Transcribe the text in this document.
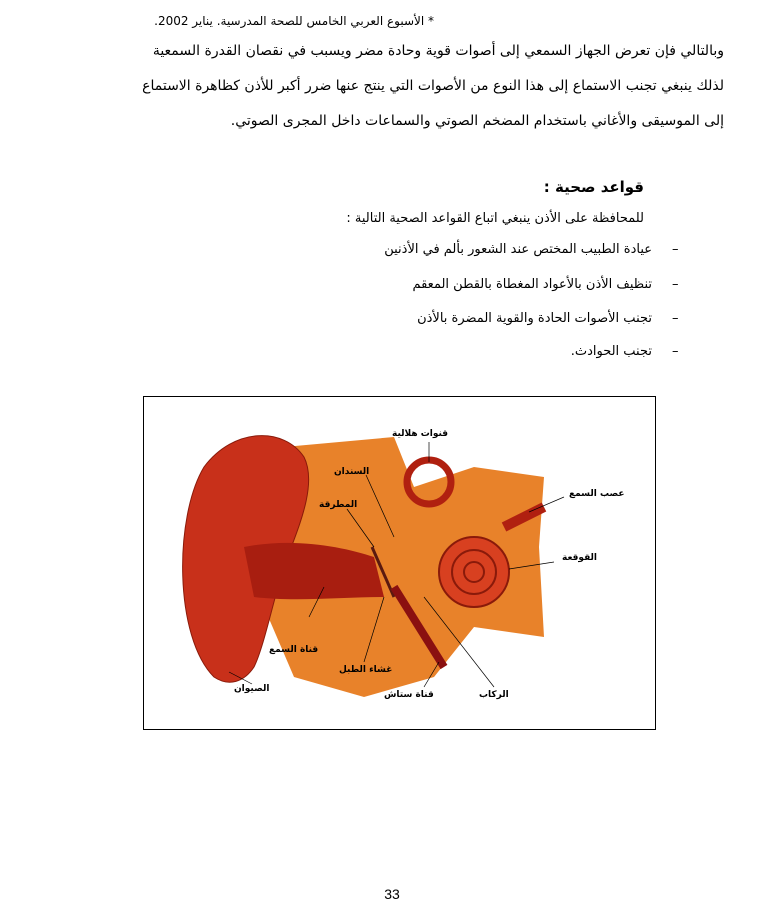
* الأسبوع العربي الخامس للصحة المدرسية. يناير 2002.
وبالتالي فإن تعرض الجهاز السمعي إلى أصوات قوية وحادة مضر ويسبب في نقصان القدرة السمعية
لذلك ينبغي تجنب الاستماع إلى هذا النوع من الأصوات التي ينتج عنها ضرر أكبر للأذن كظاهرة الاستماع
إلى الموسيقى والأغاني باستخدام المضخم الصوتي والسماعات داخل المجرى الصوتي.
قواعد صحية :
للمحافظة على الأذن ينبغي اتباع القواعد الصحية التالية :
–
عيادة الطبيب المختص عند الشعور بألم في الأذنين
–
تنظيف الأذن بالأعواد المغطاة بالقطن المعقم
–
تجنب الأصوات الحادة والقوية المضرة بالأذن
–
تجنب الحوادث.
قنوات هلالية
السندان
المطرقة
عصب السمع
القوقعة
قناة السمع
غشاء الطبل
قناة ستاش	الركاب
الصيوان
33
